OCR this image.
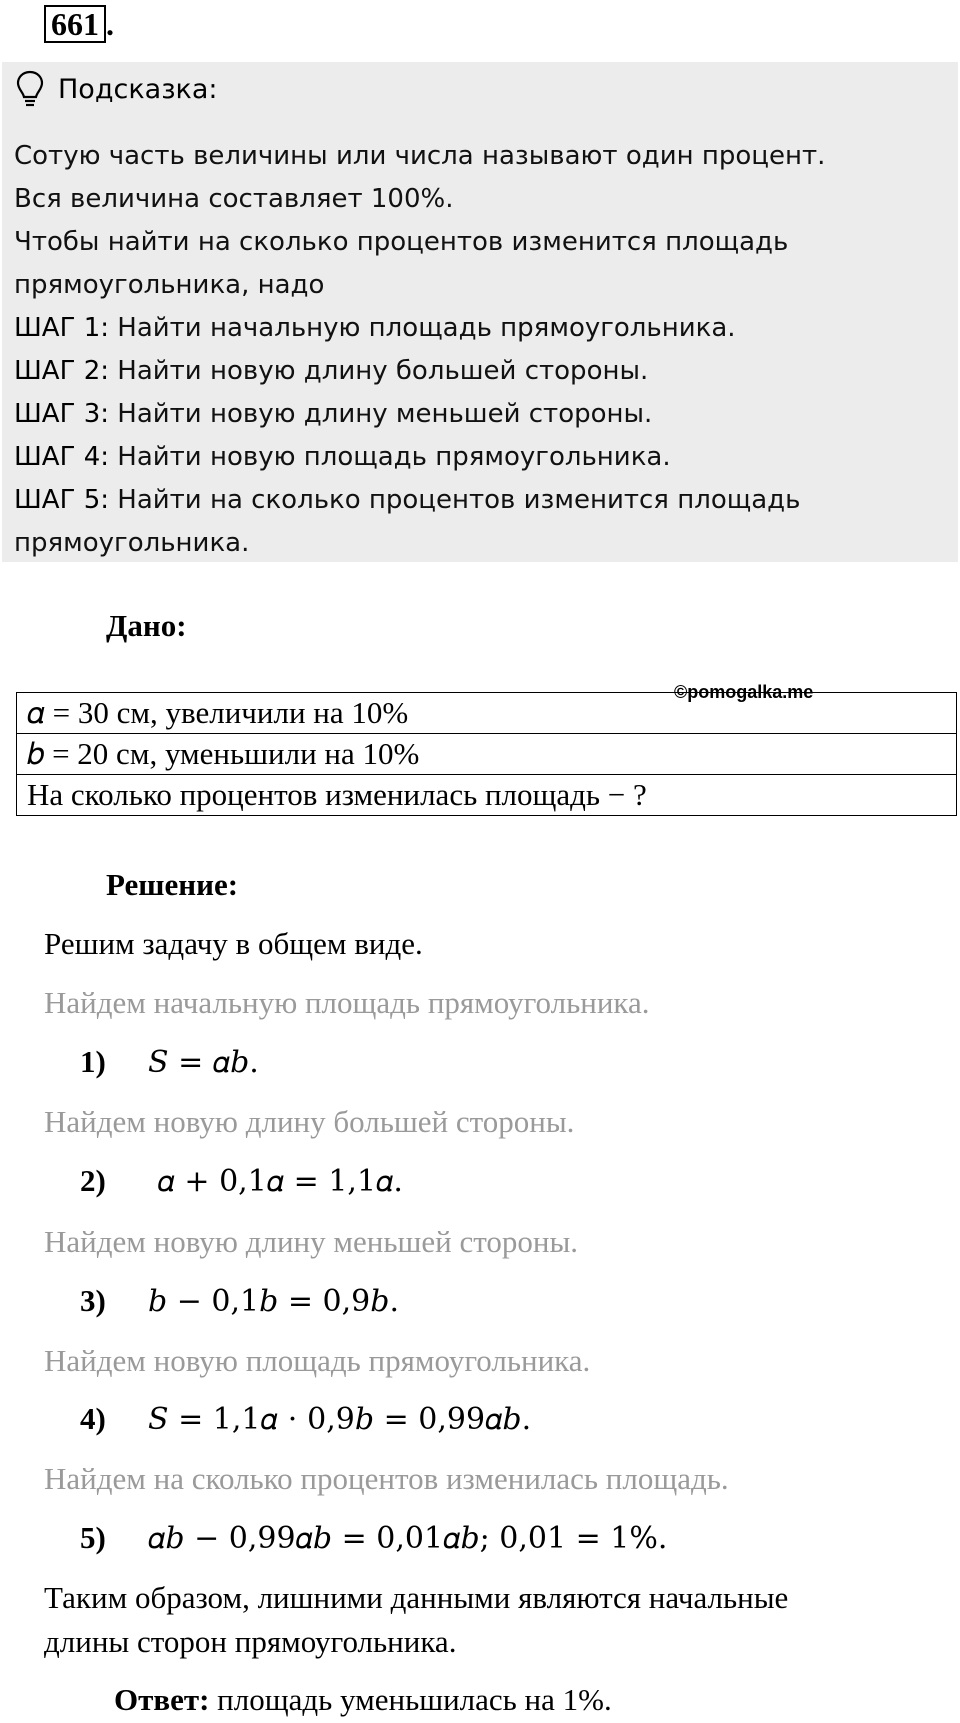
661 .
Подсказка:
Сотую часть величины или числа называют один процент.
Вся величина составляет 100%.
Чтобы найти на сколько процентов изменится площадь
прямоугольника, надо
ШАГ 1: Найти начальную площадь прямоугольника.
ШАГ 2: Найти новую длину большей стороны.
ШАГ 3: Найти новую длину меньшей стороны.
ШАГ 4: Найти новую площадь прямоугольника.
ШАГ 5: Найти на сколько процентов изменится площадь
прямоугольника.
Дано:
©pomogalka.me
𝛼 = 30 см, увеличили на 10%
𝑏 = 20 см, уменьшили на 10%
На сколько процентов изменилась площадь − ?
Решение:
Решим задачу в общем виде.
Найдем начальную площадь прямоугольника.
1) 𝑆 = 𝛼𝑏.
Найдем новую длину большей стороны.
2) 𝛼 + 0,1𝛼 = 1,1𝛼.
Найдем новую длину меньшей стороны.
3) 𝑏 − 0,1𝑏 = 0,9𝑏.
Найдем новую площадь прямоугольника.
4) 𝑆 = 1,1𝛼 ⋅ 0,9𝑏 = 0,99𝛼𝑏.
Найдем на сколько процентов изменилась площадь.
5) 𝛼𝑏 − 0,99𝛼𝑏 = 0,01𝛼𝑏; 0,01 = 1%.
Таким образом, лишними данными являются начальные
длины сторон прямоугольника.
Ответ: площадь уменьшилась на 1%.
